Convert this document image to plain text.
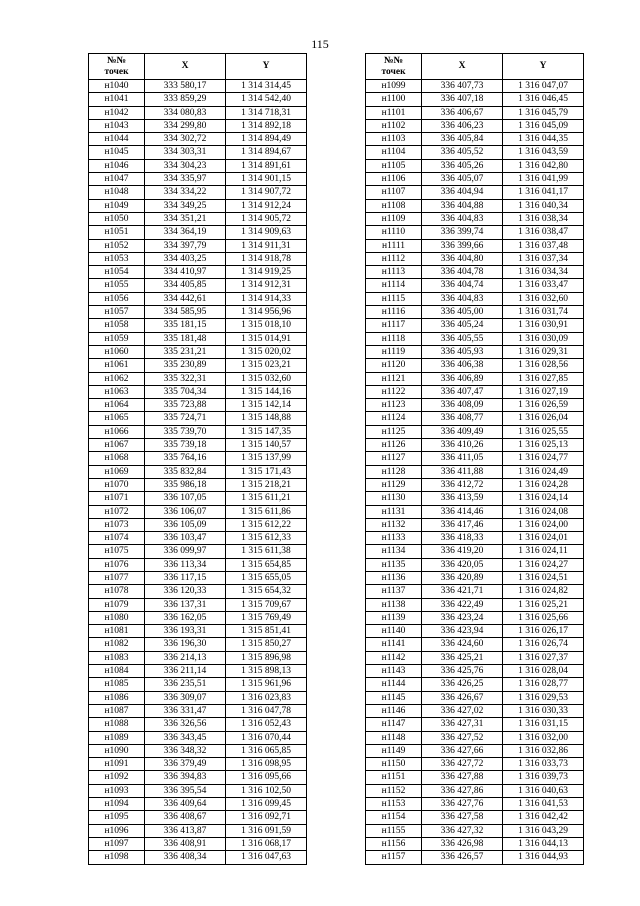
115
№№
точек	X	Y
н1040	333 580,17	1 314 314,45
н1041	333 859,29	1 314 542,40
н1042	334 080,83	1 314 718,31
н1043	334 299,80	1 314 892,18
н1044	334 302,72	1 314 894,49
н1045	334 303,31	1 314 894,67
н1046	334 304,23	1 314 891,61
н1047	334 335,97	1 314 901,15
н1048	334 334,22	1 314 907,72
н1049	334 349,25	1 314 912,24
н1050	334 351,21	1 314 905,72
н1051	334 364,19	1 314 909,63
н1052	334 397,79	1 314 911,31
н1053	334 403,25	1 314 918,78
н1054	334 410,97	1 314 919,25
н1055	334 405,85	1 314 912,31
н1056	334 442,61	1 314 914,33
н1057	334 585,95	1 314 956,96
н1058	335 181,15	1 315 018,10
н1059	335 181,48	1 315 014,91
н1060	335 231,21	1 315 020,02
н1061	335 230,89	1 315 023,21
н1062	335 322,31	1 315 032,60
н1063	335 704,34	1 315 144,16
н1064	335 723,88	1 315 142,14
н1065	335 724,71	1 315 148,88
н1066	335 739,70	1 315 147,35
н1067	335 739,18	1 315 140,57
н1068	335 764,16	1 315 137,99
н1069	335 832,84	1 315 171,43
н1070	335 986,18	1 315 218,21
н1071	336 107,05	1 315 611,21
н1072	336 106,07	1 315 611,86
н1073	336 105,09	1 315 612,22
н1074	336 103,47	1 315 612,33
н1075	336 099,97	1 315 611,38
н1076	336 113,34	1 315 654,85
н1077	336 117,15	1 315 655,05
н1078	336 120,33	1 315 654,32
н1079	336 137,31	1 315 709,67
н1080	336 162,05	1 315 769,49
н1081	336 193,31	1 315 851,41
н1082	336 196,30	1 315 850,27
н1083	336 214,13	1 315 896,98
н1084	336 211,14	1 315 898,13
н1085	336 235,51	1 315 961,96
н1086	336 309,07	1 316 023,83
н1087	336 331,47	1 316 047,78
н1088	336 326,56	1 316 052,43
н1089	336 343,45	1 316 070,44
н1090	336 348,32	1 316 065,85
н1091	336 379,49	1 316 098,95
н1092	336 394,83	1 316 095,66
н1093	336 395,54	1 316 102,50
н1094	336 409,64	1 316 099,45
н1095	336 408,67	1 316 092,71
н1096	336 413,87	1 316 091,59
н1097	336 408,91	1 316 068,17
н1098	336 408,34	1 316 047,63
№№
точек	X	Y
н1099	336 407,73	1 316 047,07
н1100	336 407,18	1 316 046,45
н1101	336 406,67	1 316 045,79
н1102	336 406,23	1 316 045,09
н1103	336 405,84	1 316 044,35
н1104	336 405,52	1 316 043,59
н1105	336 405,26	1 316 042,80
н1106	336 405,07	1 316 041,99
н1107	336 404,94	1 316 041,17
н1108	336 404,88	1 316 040,34
н1109	336 404,83	1 316 038,34
н1110	336 399,74	1 316 038,47
н1111	336 399,66	1 316 037,48
н1112	336 404,80	1 316 037,34
н1113	336 404,78	1 316 034,34
н1114	336 404,74	1 316 033,47
н1115	336 404,83	1 316 032,60
н1116	336 405,00	1 316 031,74
н1117	336 405,24	1 316 030,91
н1118	336 405,55	1 316 030,09
н1119	336 405,93	1 316 029,31
н1120	336 406,38	1 316 028,56
н1121	336 406,89	1 316 027,85
н1122	336 407,47	1 316 027,19
н1123	336 408,09	1 316 026,59
н1124	336 408,77	1 316 026,04
н1125	336 409,49	1 316 025,55
н1126	336 410,26	1 316 025,13
н1127	336 411,05	1 316 024,77
н1128	336 411,88	1 316 024,49
н1129	336 412,72	1 316 024,28
н1130	336 413,59	1 316 024,14
н1131	336 414,46	1 316 024,08
н1132	336 417,46	1 316 024,00
н1133	336 418,33	1 316 024,01
н1134	336 419,20	1 316 024,11
н1135	336 420,05	1 316 024,27
н1136	336 420,89	1 316 024,51
н1137	336 421,71	1 316 024,82
н1138	336 422,49	1 316 025,21
н1139	336 423,24	1 316 025,66
н1140	336 423,94	1 316 026,17
н1141	336 424,60	1 316 026,74
н1142	336 425,21	1 316 027,37
н1143	336 425,76	1 316 028,04
н1144	336 426,25	1 316 028,77
н1145	336 426,67	1 316 029,53
н1146	336 427,02	1 316 030,33
н1147	336 427,31	1 316 031,15
н1148	336 427,52	1 316 032,00
н1149	336 427,66	1 316 032,86
н1150	336 427,72	1 316 033,73
н1151	336 427,88	1 316 039,73
н1152	336 427,86	1 316 040,63
н1153	336 427,76	1 316 041,53
н1154	336 427,58	1 316 042,42
н1155	336 427,32	1 316 043,29
н1156	336 426,98	1 316 044,13
н1157	336 426,57	1 316 044,93
